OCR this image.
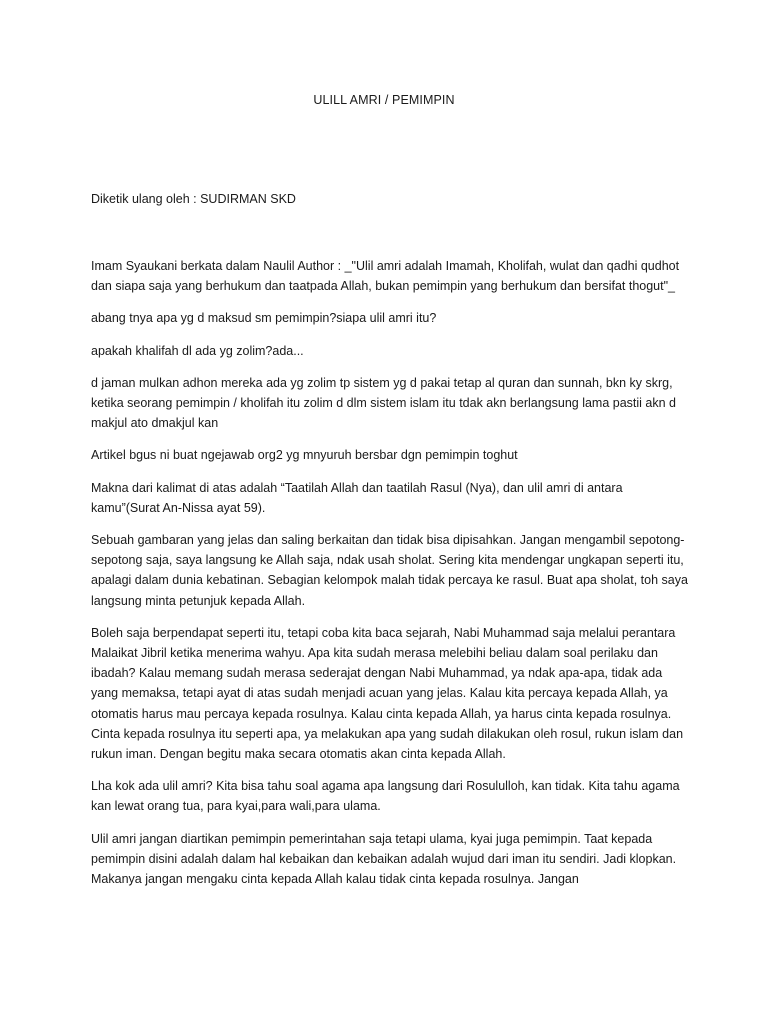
ULILL AMRI / PEMIMPIN
Diketik ulang oleh : SUDIRMAN SKD

Imam Syaukani berkata dalam Naulil Author : _"Ulil amri adalah Imamah, Kholifah, wulat dan qadhi qudhot dan siapa saja yang berhukum dan taatpada Allah, bukan pemimpin yang berhukum dan bersifat thogut"_

abang tnya apa yg d maksud sm pemimpin?siapa ulil amri itu?

apakah khalifah dl ada yg zolim?ada...

d jaman mulkan adhon mereka ada yg zolim tp sistem yg d pakai tetap al quran dan sunnah, bkn ky skrg, ketika seorang pemimpin / kholifah itu zolim d dlm sistem islam itu tdak akn berlangsung lama pastii akn d makjul ato dmakjul kan

Artikel bgus ni buat ngejawab org2 yg mnyuruh bersbar dgn pemimpin toghut

Makna dari kalimat di atas adalah “Taatilah Allah dan taatilah Rasul (Nya), dan ulil amri di antara kamu”(Surat An-Nissa ayat 59).

Sebuah gambaran yang jelas dan saling berkaitan dan tidak bisa dipisahkan. Jangan mengambil sepotong-sepotong saja, saya langsung ke Allah saja, ndak usah sholat. Sering kita mendengar ungkapan seperti itu, apalagi dalam dunia kebatinan. Sebagian kelompok malah tidak percaya ke rasul. Buat apa sholat, toh saya langsung minta petunjuk kepada Allah.

Boleh saja berpendapat seperti itu, tetapi coba kita baca sejarah, Nabi Muhammad saja melalui perantara Malaikat Jibril ketika menerima wahyu. Apa kita sudah merasa melebihi beliau dalam soal perilaku dan ibadah? Kalau memang sudah merasa sederajat dengan Nabi Muhammad, ya ndak apa-apa, tidak ada yang memaksa, tetapi ayat di atas sudah menjadi acuan yang jelas. Kalau kita percaya kepada Allah, ya otomatis harus mau percaya kepada rosulnya. Kalau cinta kepada Allah, ya harus cinta kepada rosulnya. Cinta kepada rosulnya itu seperti apa, ya melakukan apa yang sudah dilakukan oleh rosul, rukun islam dan rukun iman. Dengan begitu maka secara otomatis akan cinta kepada Allah.

Lha kok ada ulil amri? Kita bisa tahu soal agama apa langsung dari Rosululloh, kan tidak. Kita tahu agama kan lewat orang tua, para kyai,para wali,para ulama.

Ulil amri jangan diartikan pemimpin pemerintahan saja tetapi ulama, kyai juga pemimpin. Taat kepada pemimpin disini adalah dalam hal kebaikan dan kebaikan adalah wujud dari iman itu sendiri. Jadi klopkan. Makanya jangan mengaku cinta kepada Allah kalau tidak cinta kepada rosulnya. Jangan
